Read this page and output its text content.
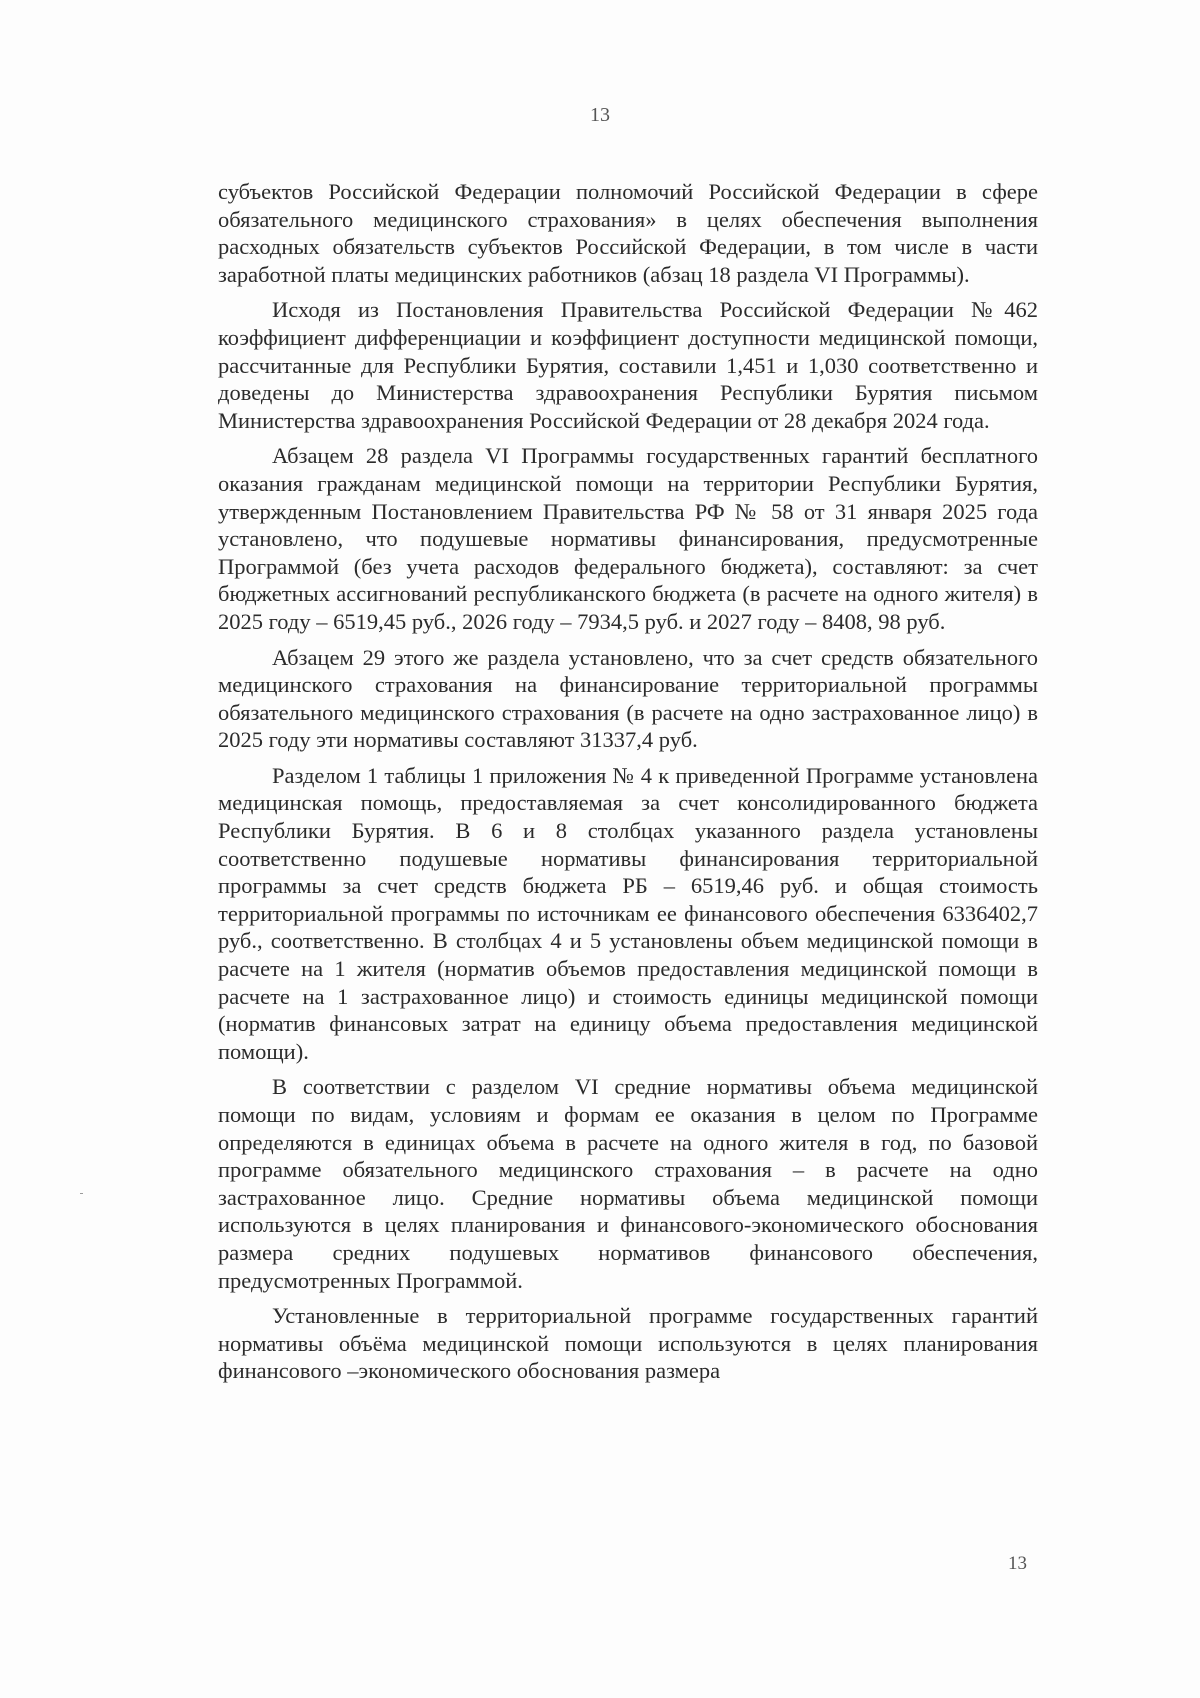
13

субъектов Российской Федерации полномочий Российской Федерации в сфере обязательного медицинского страхования» в целях обеспечения выполнения расходных обязательств субъектов Российской Федерации, в том числе в части заработной платы медицинских работников (абзац 18 раздела VI Программы).

Исходя из Постановления Правительства Российской Федерации №462 коэффициент дифференциации и коэффициент доступности медицинской помощи, рассчитанные для Республики Бурятия, составили 1,451 и 1,030 соответственно и доведены до Министерства здравоохранения Республики Бурятия письмом Министерства здравоохранения Российской Федерации от 28 декабря 2024 года.

Абзацем 28 раздела VI Программы государственных гарантий бесплатного оказания гражданам медицинской помощи на территории Республики Бурятия, утвержденным Постановлением Правительства РФ № 58 от 31 января 2025 года установлено, что подушевые нормативы финансирования, предусмотренные Программой (без учета расходов федерального бюджета), составляют: за счет бюджетных ассигнований республиканского бюджета (в расчете на одного жителя) в 2025 году – 6519,45 руб., 2026 году – 7934,5 руб. и 2027 году – 8408, 98 руб.

Абзацем 29 этого же раздела установлено, что за счет средств обязательного медицинского страхования на финансирование территориальной программы обязательного медицинского страхования (в расчете на одно застрахованное лицо) в 2025 году эти нормативы составляют 31337,4 руб.

Разделом 1 таблицы 1 приложения № 4 к приведенной Программе установлена медицинская помощь, предоставляемая за счет консолидированного бюджета Республики Бурятия. В 6 и 8 столбцах указанного раздела установлены соответственно подушевые нормативы финансирования территориальной программы за счет средств бюджета РБ – 6519,46 руб. и общая стоимость территориальной программы по источникам ее финансового обеспечения 6336402,7 руб., соответственно. В столбцах 4 и 5 установлены объем медицинской помощи в расчете на 1 жителя (норматив объемов предоставления медицинской помощи в расчете на 1 застрахованное лицо) и стоимость единицы медицинской помощи (норматив финансовых затрат на единицу объема предоставления медицинской помощи).

В соответствии с разделом VI средние нормативы объема медицинской помощи по видам, условиям и формам ее оказания в целом по Программе определяются в единицах объема в расчете на одного жителя в год, по базовой программе обязательного медицинского страхования – в расчете на одно застрахованное лицо. Средние нормативы объема медицинской помощи используются в целях планирования и финансового-экономического обоснования размера средних подушевых нормативов финансового обеспечения, предусмотренных Программой.

Установленные в территориальной программе государственных гарантий нормативы объёма медицинской помощи используются в целях планирования финансового –экономического обоснования размера

13
